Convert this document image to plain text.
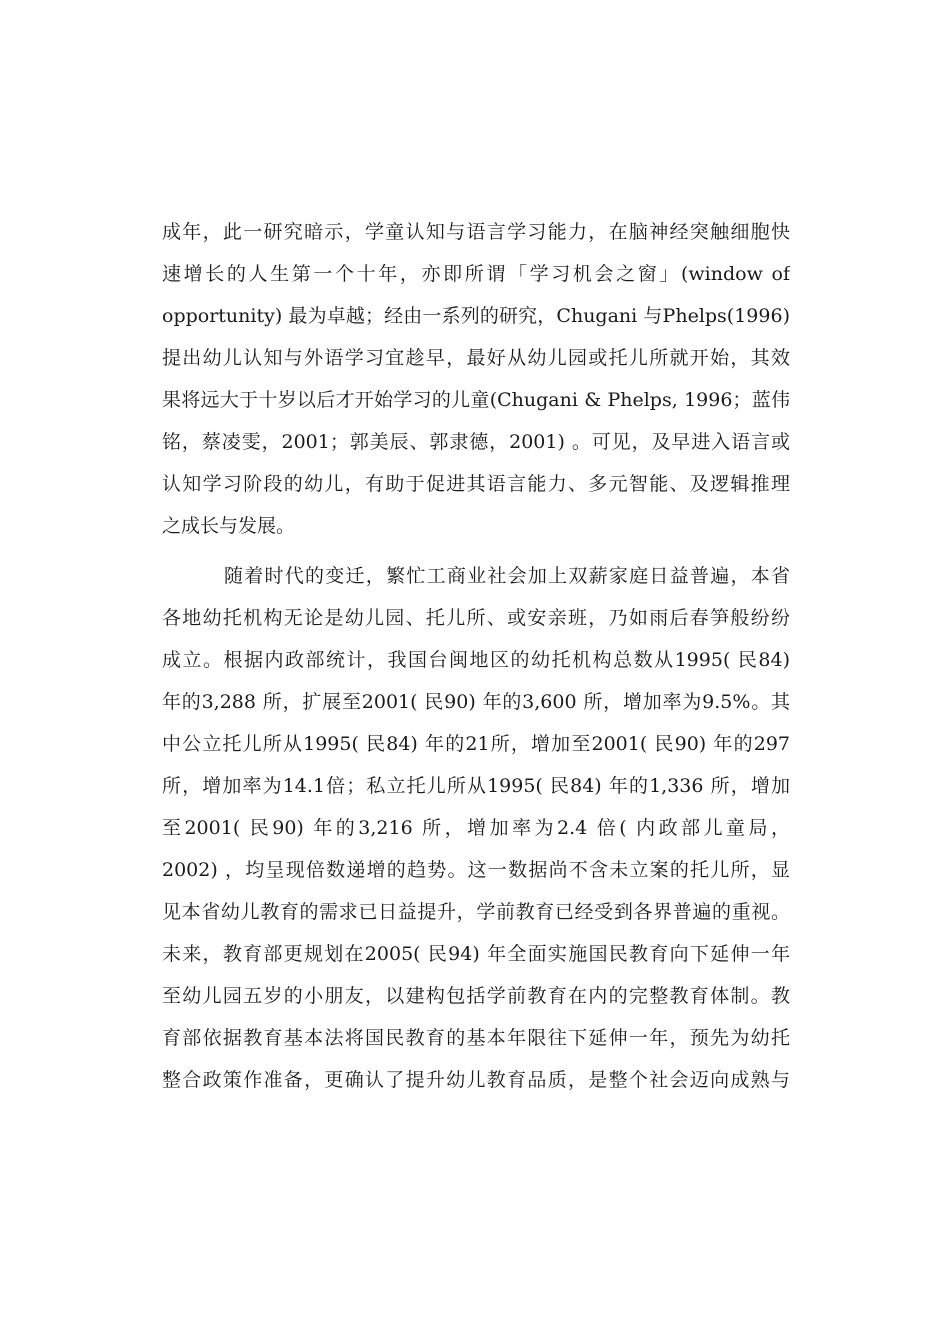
成年，此一研究暗示，学童认知与语言学习能力，在脑神经突触细胞快
速增长的人生第一个十年，亦即所谓「学习机会之窗」(window of
opportunity) 最为卓越；经由一系列的研究，Chugani 与Phelps(1996)
提出幼儿认知与外语学习宜趁早，最好从幼儿园或托儿所就开始，其效
果将远大于十岁以后才开始学习的儿童(Chugani & Phelps, 1996；蓝伟
铭，蔡凌雯，2001；郭美辰、郭隶德，2001) 。可见，及早进入语言或
认知学习阶段的幼儿，有助于促进其语言能力、多元智能、及逻辑推理
之成长与发展。
随着时代的变迁，繁忙工商业社会加上双薪家庭日益普遍，本省
各地幼托机构无论是幼儿园、托儿所、或安亲班，乃如雨后春笋般纷纷
成立。根据内政部统计，我国台闽地区的幼托机构总数从1995( 民84)
年的3,288 所，扩展至2001( 民90) 年的3,600 所，增加率为9.5%。其
中公立托儿所从1995( 民84) 年的21所，增加至2001( 民90) 年的297
所，增加率为14.1倍；私立托儿所从1995( 民84) 年的1,336 所，增加
至2001( 民90) 年的3,216 所，增加率为2.4 倍( 内政部儿童局，
2002) ，均呈现倍数递增的趋势。这一数据尚不含未立案的托儿所，显
见本省幼儿教育的需求已日益提升，学前教育已经受到各界普遍的重视。
未来，教育部更规划在2005( 民94) 年全面实施国民教育向下延伸一年
至幼儿园五岁的小朋友，以建构包括学前教育在内的完整教育体制。教
育部依据教育基本法将国民教育的基本年限往下延伸一年，预先为幼托
整合政策作准备，更确认了提升幼儿教育品质，是整个社会迈向成熟与
